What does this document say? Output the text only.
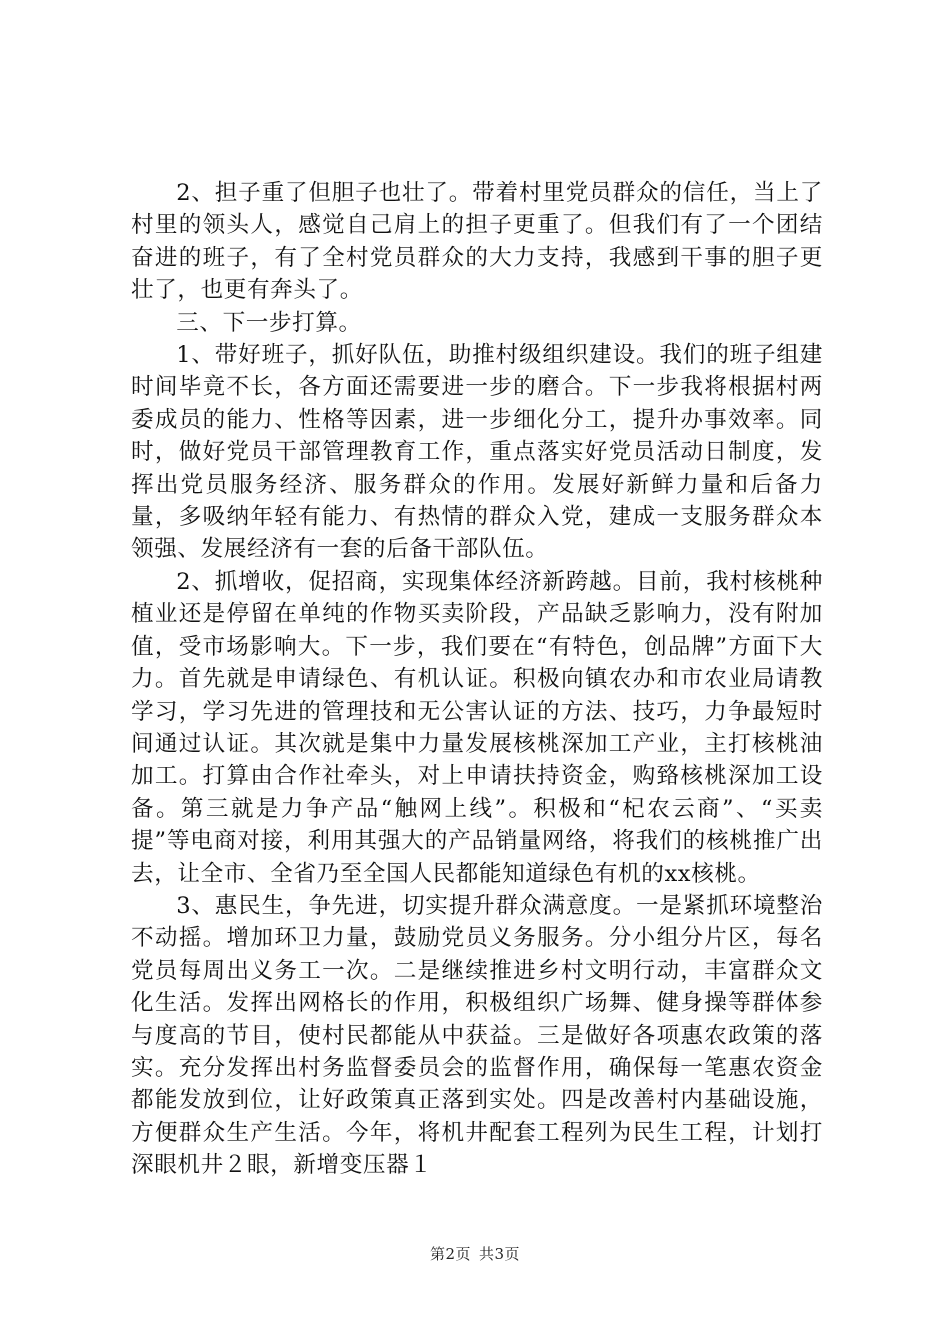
2、担子重了但胆子也壮了。带着村里党员群众的信任，当上了村里的领头人，感觉自己肩上的担子更重了。但我们有了一个团结奋进的班子，有了全村党员群众的大力支持，我感到干事的胆子更壮了，也更有奔头了。

三、下一步打算。

1、带好班子，抓好队伍，助推村级组织建设。我们的班子组建时间毕竟不长，各方面还需要进一步的磨合。下一步我将根据村两委成员的能力、性格等因素，进一步细化分工，提升办事效率。同时，做好党员干部管理教育工作，重点落实好党员活动日制度，发挥出党员服务经济、服务群众的作用。发展好新鲜力量和后备力量，多吸纳年轻有能力、有热情的群众入党，建成一支服务群众本领强、发展经济有一套的后备干部队伍。

2、抓增收，促招商，实现集体经济新跨越。目前，我村核桃种植业还是停留在单纯的作物买卖阶段，产品缺乏影响力，没有附加值，受市场影响大。下一步，我们要在“有特色，创品牌”方面下大力。首先就是申请绿色、有机认证。积极向镇农办和市农业局请教学习，学习先进的管理技和无公害认证的方法、技巧，力争最短时间通过认证。其次就是集中力量发展核桃深加工产业，主打核桃油加工。打算由合作社牵头，对上申请扶持资金，购臵核桃深加工设备。第三就是力争产品“触网上线”。积极和“杞农云商”、“买卖提”等电商对接，利用其强大的产品销量网络，将我们的核桃推广出去，让全市、全省乃至全国人民都能知道绿色有机的xx核桃。

3、惠民生，争先进，切实提升群众满意度。一是紧抓环境整治不动摇。增加环卫力量，鼓励党员义务服务。分小组分片区，每名党员每周出义务工一次。二是继续推进乡村文明行动，丰富群众文化生活。发挥出网格长的作用，积极组织广场舞、健身操等群体参与度高的节目，使村民都能从中获益。三是做好各项惠农政策的落实。充分发挥出村务监督委员会的监督作用，确保每一笔惠农资金都能发放到位，让好政策真正落到实处。四是改善村内基础设施，方便群众生产生活。今年，将机井配套工程列为民生工程，计划打深眼机井２眼，新增变压器１

第2页 共3页
